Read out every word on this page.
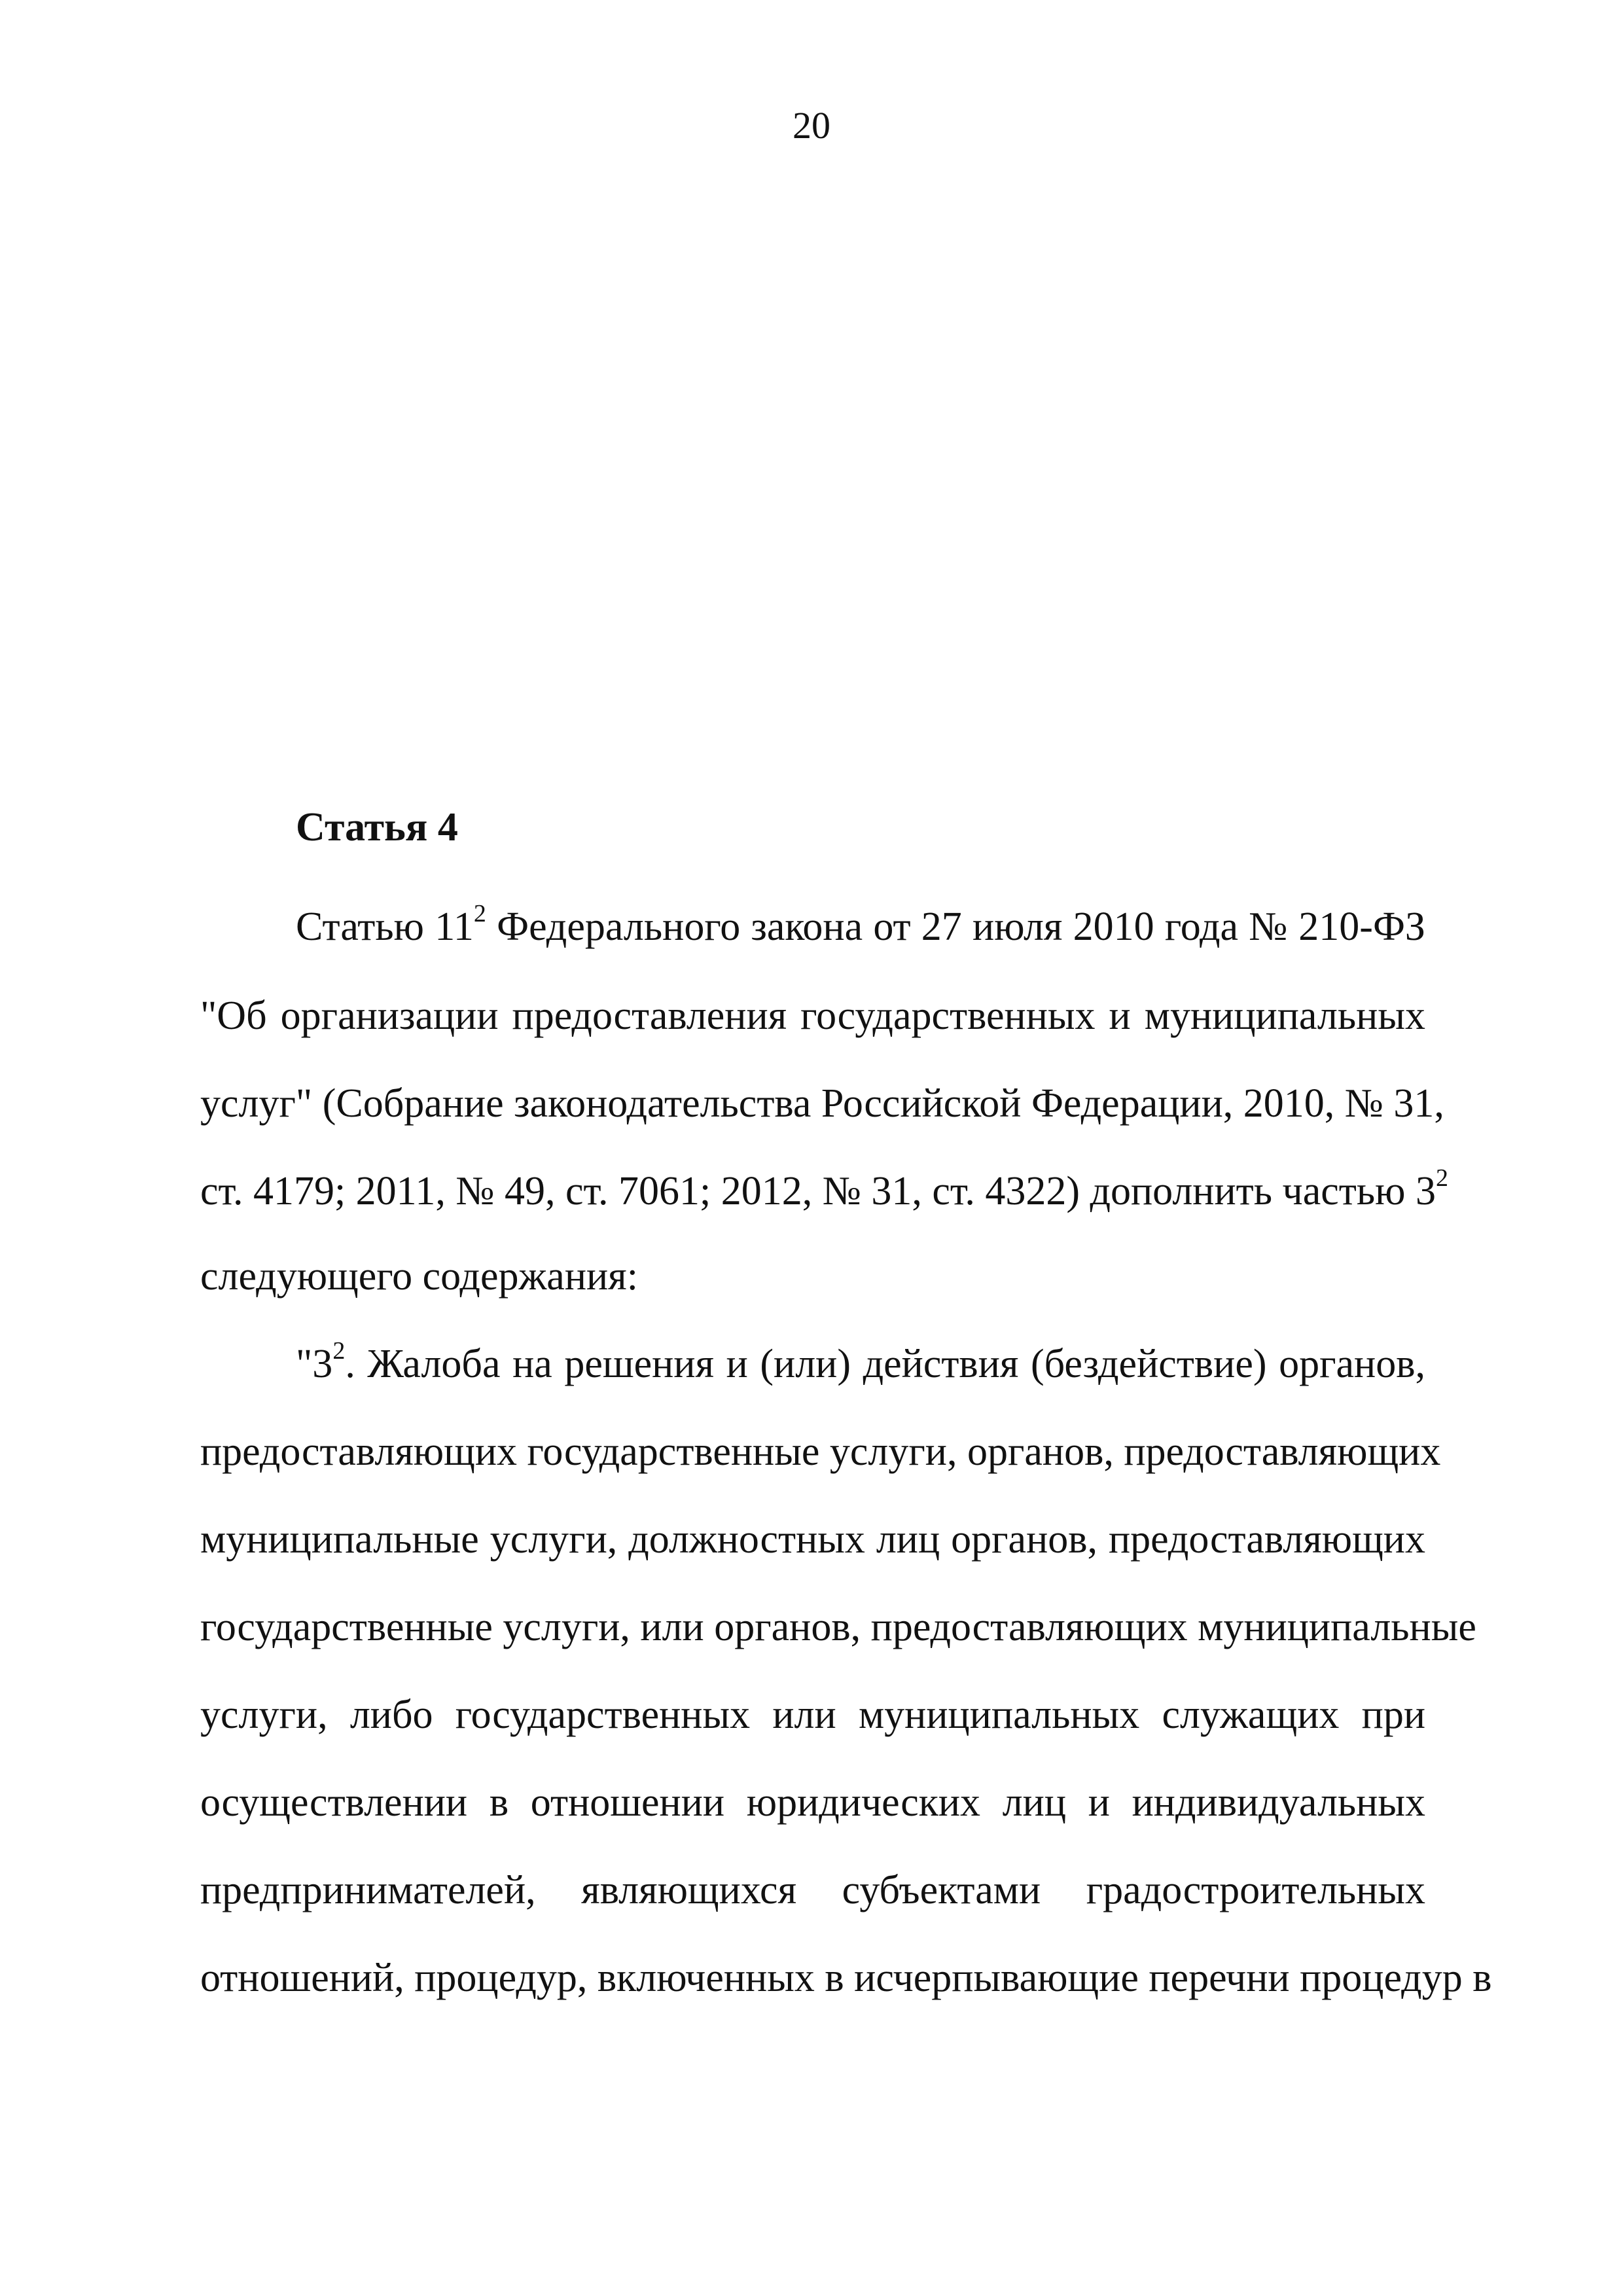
20
Статья 4
Статью $11^2$ Федерального закона от 27 июля 2010 года № 210-ФЗ
"Об организации предоставления государственных и муниципальных
услуг" (Собрание законодательства Российской Федерации, 2010, № 31,
ст. 4179; 2011, № 49, ст. 7061; 2012, № 31, ст. 4322) дополнить частью $3^2$
следующего содержания:
"$3^2$. Жалоба на решения и (или) действия (бездействие) органов,
предоставляющих государственные услуги, органов, предоставляющих
муниципальные услуги, должностных лиц органов, предоставляющих
государственные услуги, или органов, предоставляющих муниципальные
услуги, либо государственных или муниципальных служащих при
осуществлении в отношении юридических лиц и индивидуальных
предпринимателей, являющихся субъектами градостроительных
отношений, процедур, включенных в исчерпывающие перечни процедур в
